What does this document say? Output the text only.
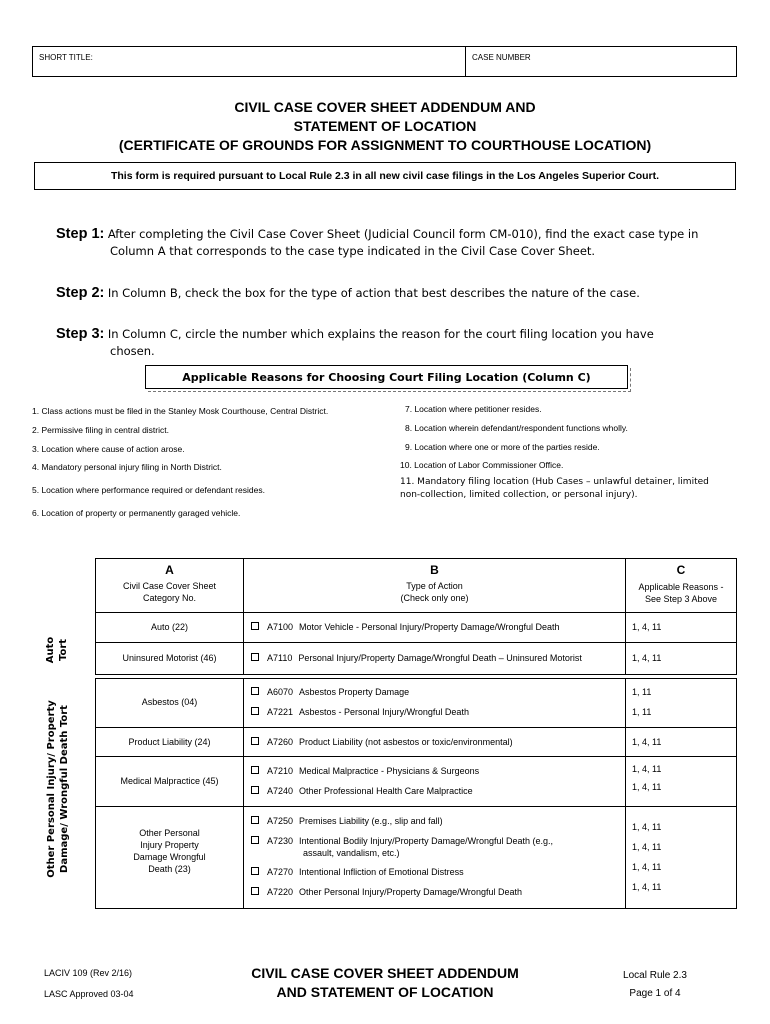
SHORT TITLE:	CASE NUMBER
CIVIL CASE COVER SHEET ADDENDUM AND
STATEMENT OF LOCATION
(CERTIFICATE OF GROUNDS FOR ASSIGNMENT TO COURTHOUSE LOCATION)
This form is required pursuant to Local Rule 2.3 in all new civil case filings in the Los Angeles Superior Court.
Step 1: After completing the Civil Case Cover Sheet (Judicial Council form CM-010), find the exact case type in
Column A that corresponds to the case type indicated in the Civil Case Cover Sheet.
Step 2: In Column B, check the box for the type of action that best describes the nature of the case.
Step 3: In Column C, circle the number which explains the reason for the court filing location you have
chosen.
Applicable Reasons for Choosing Court Filing Location (Column C)
1. Class actions must be filed in the Stanley Mosk Courthouse, Central District.
2. Permissive filing in central district.
3. Location where cause of action arose.
4. Mandatory personal injury filing in North District.
5. Location where performance required or defendant resides.
6. Location of property or permanently garaged vehicle.
7. Location where petitioner resides.
8. Location wherein defendant/respondent functions wholly.
9. Location where one or more of the parties reside.
10. Location of Labor Commissioner Office.
11. Mandatory filing location (Hub Cases – unlawful detainer, limited
non-collection, limited collection, or personal injury).
A
Civil Case Cover Sheet
Category No.
B
Type of Action
(Check only one)
C
Applicable Reasons -
See Step 3 Above
Auto Tort
Other Personal Injury/ Property Damage/ Wrongful Death Tort
Auto (22)
Uninsured Motorist (46)
Asbestos (04)
Product Liability (24)
Medical Malpractice (45)
Other Personal
Injury Property
Damage Wrongful
Death (23)
A7100 Motor Vehicle - Personal Injury/Property Damage/Wrongful Death
A7110 Personal Injury/Property Damage/Wrongful Death – Uninsured Motorist
A6070 Asbestos Property Damage
A7221 Asbestos - Personal Injury/Wrongful Death
A7260 Product Liability (not asbestos or toxic/environmental)
A7210 Medical Malpractice - Physicians & Surgeons
A7240 Other Professional Health Care Malpractice
A7250 Premises Liability (e.g., slip and fall)
A7230 Intentional Bodily Injury/Property Damage/Wrongful Death (e.g.,
assault, vandalism, etc.)
A7270 Intentional Infliction of Emotional Distress
A7220 Other Personal Injury/Property Damage/Wrongful Death
1, 4, 11
1, 4, 11
1, 11
1, 11
1, 4, 11
1, 4, 11
1, 4, 11
1, 4, 11
1, 4, 11
1, 4, 11
1, 4, 11
LACIV 109 (Rev 2/16)
LASC Approved 03-04
CIVIL CASE COVER SHEET ADDENDUM
AND STATEMENT OF LOCATION
Local Rule 2.3
Page 1 of 4
